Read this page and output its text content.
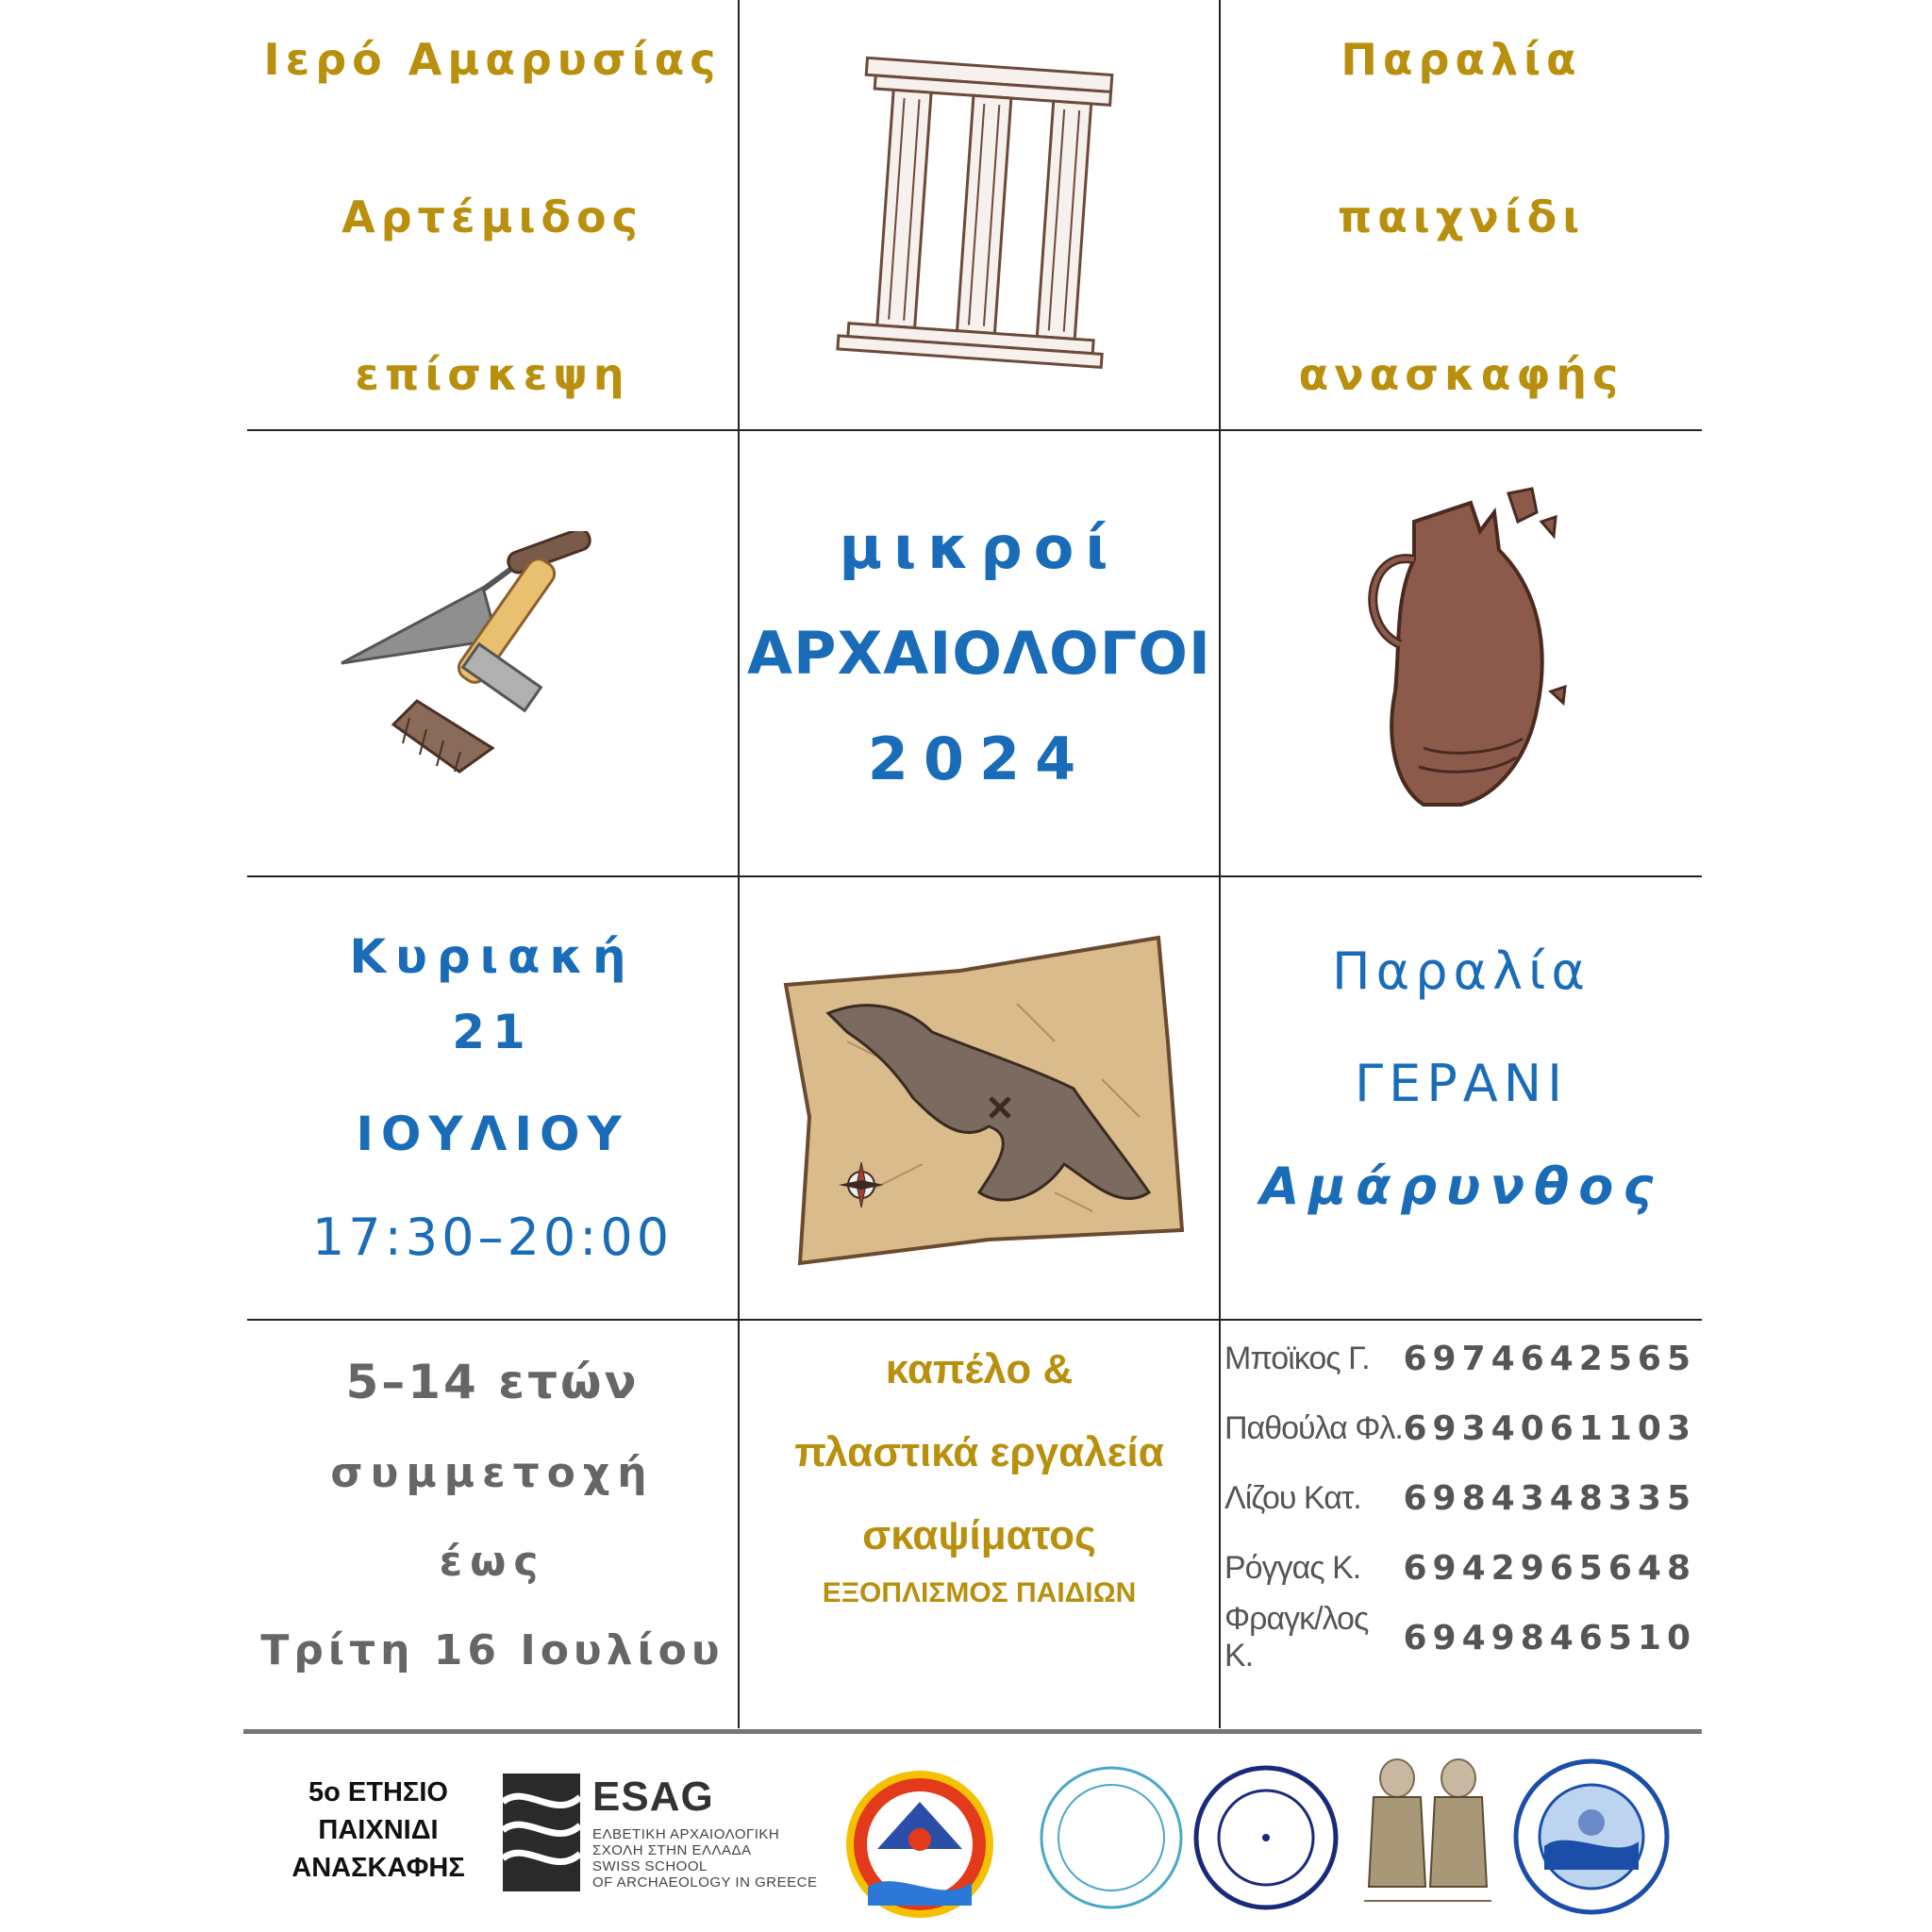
Ιερό Αμαρυσίας
Αρτέμιδος
επίσκεψη
Παραλία
παιχνίδι
ανασκαφής
μικροί
ΑΡΧΑΙΟΛΟΓΟΙ
2024
Κυριακή
21
ΙΟΥΛΙΟΥ
17:30–20:00
Παραλία
ΓΕΡΑΝΙ
Αμάρυνθος
5–14 ετών
συμμετοχή
έως
Τρίτη 16 Ιουλίου
καπέλο &
πλαστικά εργαλεία
σκαψίματος
ΕΞΟΠΛΙΣΜΟΣ ΠΑΙΔΙΩΝ
Μποϊκος Γ. 6974642565
Παθούλα Φλ. 6934061103
Λίζου Κατ.	6984348335
Ρόγγας Κ.	6942965648
Φραγκ/λος Κ.	6949846510
5ο ΕΤΗΣΙΟ
ΠΑΙΧΝΙΔΙ
ΑΝΑΣΚΑΦΗΣ
ESAG
ΕΛΒΕΤΙΚΗ ΑΡΧΑΙΟΛΟΓΙΚΗ
ΣΧΟΛΗ ΣΤΗΝ ΕΛΛΑΔΑ
SWISS SCHOOL
OF ARCHAEOLOGY IN GREECE
